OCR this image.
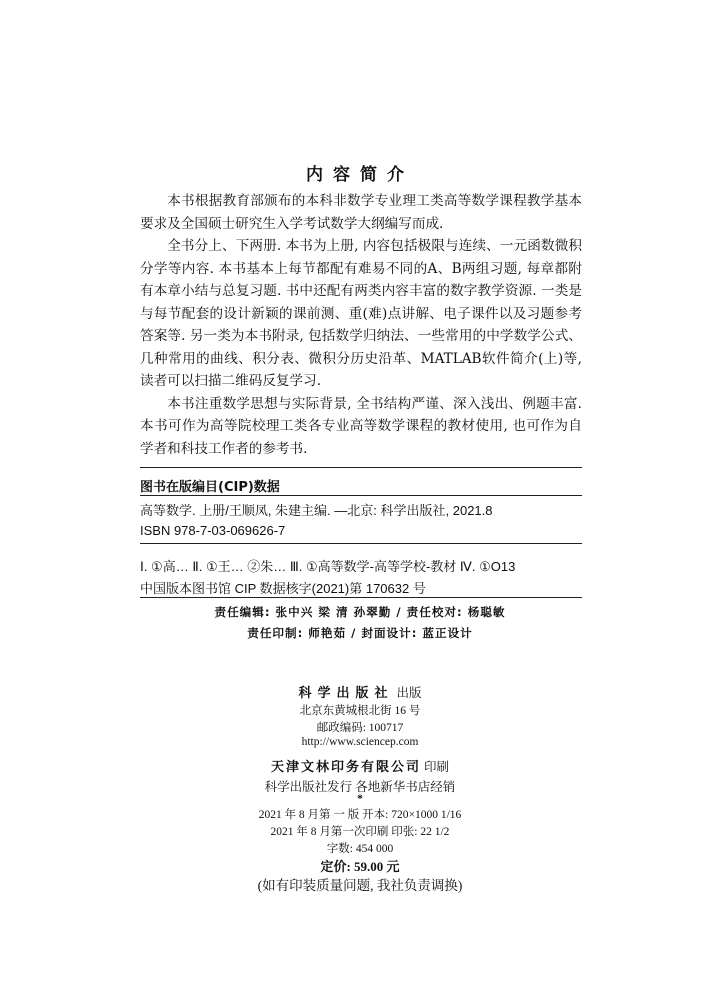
内容简介

本书根据教育部颁布的本科非数学专业理工类高等数学课程教学基本要求及全国硕士研究生入学考试数学大纲编写而成.

全书分上、下两册. 本书为上册, 内容包括极限与连续、一元函数微积分学等内容. 本书基本上每节都配有难易不同的A、B两组习题, 每章都附有本章小结与总复习题. 书中还配有两类内容丰富的数字教学资源. 一类是与每节配套的设计新颖的课前测、重(难)点讲解、电子课件以及习题参考答案等. 另一类为本书附录, 包括数学归纳法、一些常用的中学数学公式、几种常用的曲线、积分表、微积分历史沿革、MATLAB软件简介(上)等, 读者可以扫描二维码反复学习.

本书注重数学思想与实际背景, 全书结构严谨、深入浅出、例题丰富. 本书可作为高等院校理工类各专业高等数学课程的教材使用, 也可作为自学者和科技工作者的参考书.

图书在版编目(CIP)数据
高等数学. 上册/王顺凤, 朱建主编. —北京: 科学出版社, 2021.8
ISBN 978-7-03-069626-7
Ⅰ. ①高… Ⅱ. ①王… ②朱… Ⅲ. ①高等数学-高等学校-教材 Ⅳ. ①O13
中国版本图书馆 CIP 数据核字(2021)第 170632 号
责任编辑: 张中兴 梁 清 孙翠勤 / 责任校对: 杨聪敏
责任印制: 师艳茹 / 封面设计: 蓝正设计
科学出版社 出版
北京东黄城根北街 16 号
邮政编码: 100717
http://www.sciencep.com
天津文林印务有限公司 印刷
科学出版社发行 各地新华书店经销
*
2021 年 8 月第 一 版 开本: 720×1000 1/16
2021 年 8 月第一次印刷 印张: 22 1/2
字数: 454 000
定价: 59.00 元
(如有印装质量问题, 我社负责调换)
